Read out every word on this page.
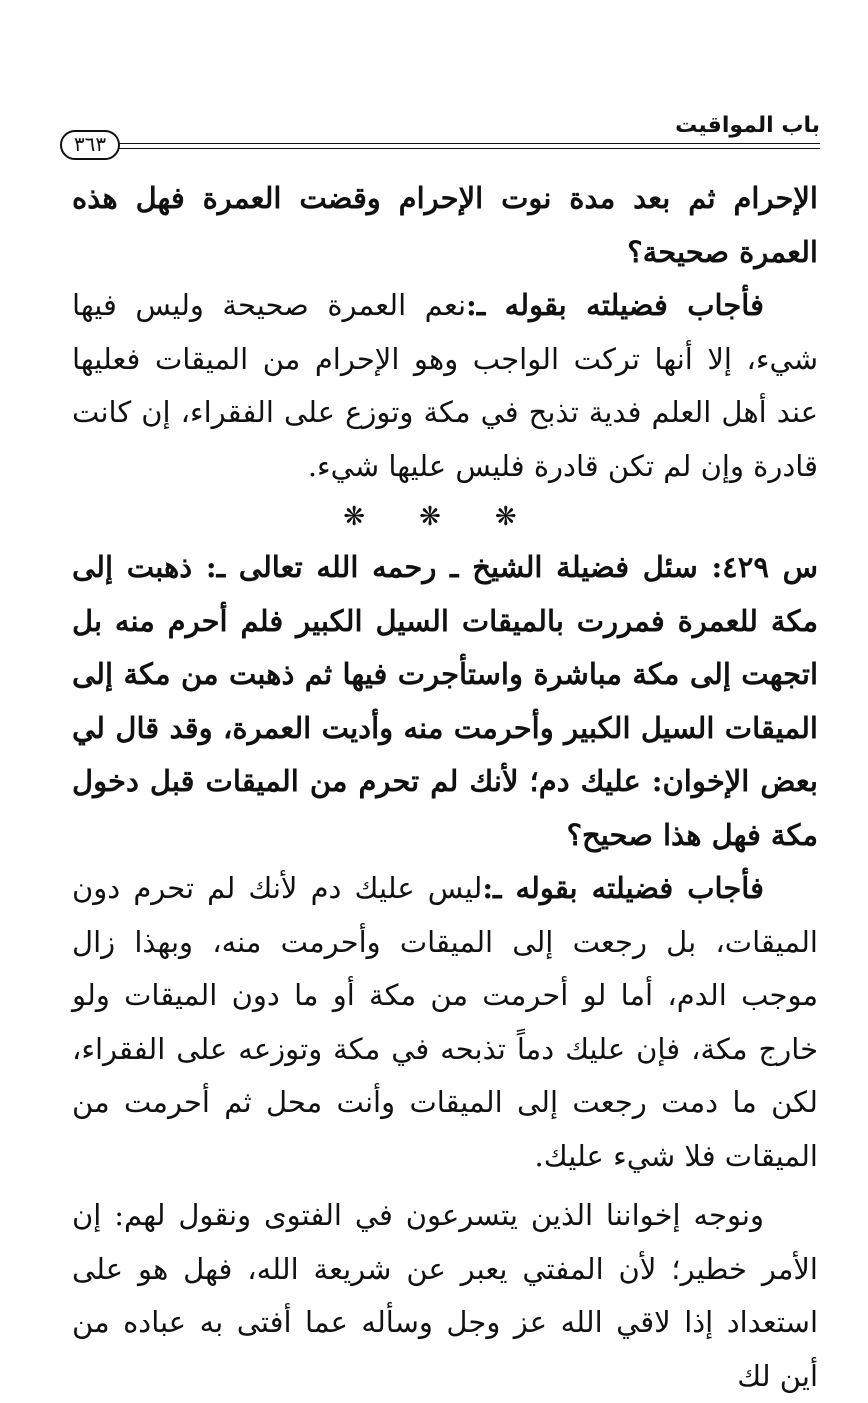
باب المواقيت
٣٦٣

الإحرام ثم بعد مدة نوت الإحرام وقضت العمرة فهل هذه العمرة صحيحة؟

فأجاب فضيلته بقوله ـ:نعم العمرة صحيحة وليس فيها شيء، إلا أنها تركت الواجب وهو الإحرام من الميقات فعليها عند أهل العلم فدية تذبح في مكة وتوزع على الفقراء، إن كانت قادرة وإن لم تكن قادرة فليس عليها شيء.

❋ ❋ ❋

س ٤٢٩: سئل فضيلة الشيخ ـ رحمه الله تعالى ـ: ذهبت إلى مكة للعمرة فمررت بالميقات السيل الكبير فلم أحرم منه بل اتجهت إلى مكة مباشرة واستأجرت فيها ثم ذهبت من مكة إلى الميقات السيل الكبير وأحرمت منه وأديت العمرة، وقد قال لي بعض الإخوان: عليك دم؛ لأنك لم تحرم من الميقات قبل دخول مكة فهل هذا صحيح؟

فأجاب فضيلته بقوله ـ:ليس عليك دم لأنك لم تحرم دون الميقات، بل رجعت إلى الميقات وأحرمت منه، وبهذا زال موجب الدم، أما لو أحرمت من مكة أو ما دون الميقات ولو خارج مكة، فإن عليك دماً تذبحه في مكة وتوزعه على الفقراء، لكن ما دمت رجعت إلى الميقات وأنت محل ثم أحرمت من الميقات فلا شيء عليك.

ونوجه إخواننا الذين يتسرعون في الفتوى ونقول لهم: إن الأمر خطير؛ لأن المفتي يعبر عن شريعة الله، فهل هو على استعداد إذا لاقي الله عز وجل وسأله عما أفتى به عباده من أين لك
